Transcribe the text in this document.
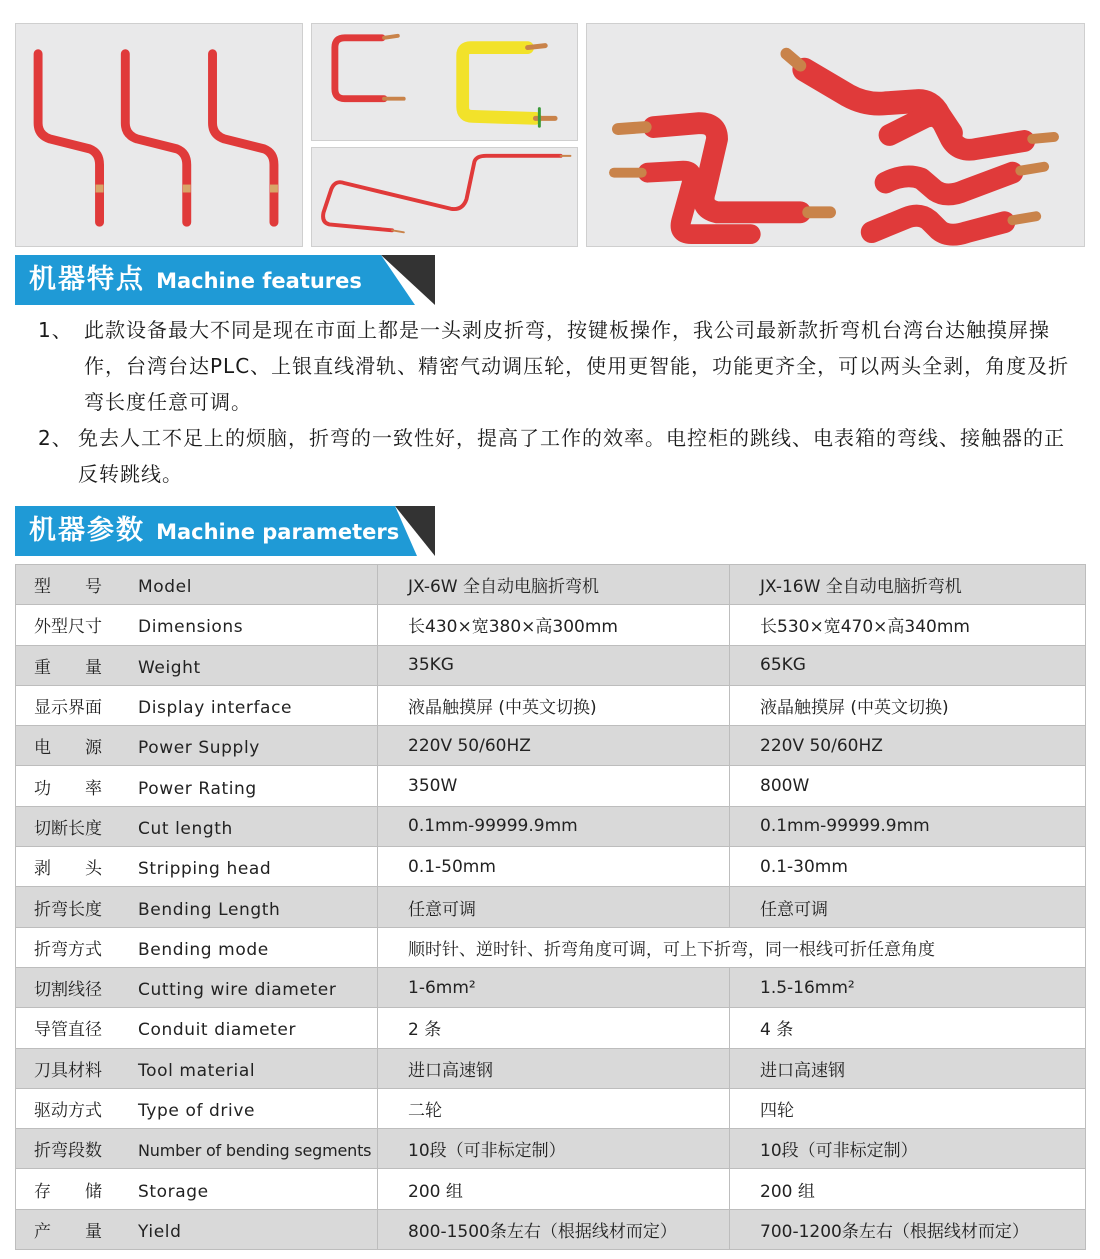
机器特点 Machine features
1、 此款设备最大不同是现在市面上都是一头剥皮折弯，按键板操作，我公司最新款折弯机台湾台达触摸屏操作，台湾台达PLC、上银直线滑轨、精密气动调压轮，使用更智能，功能更齐全，可以两头全剥，角度及折弯长度任意可调。
2、 免去人工不足上的烦脑，折弯的一致性好，提高了工作的效率。电控柜的跳线、电表箱的弯线、接触器的正反转跳线。
机器参数 Machine parameters
型　　号 Model	JX-6W 全自动电脑折弯机	JX-16W 全自动电脑折弯机
外型尺寸 Dimensions	长430×宽380×高300mm	长530×宽470×高340mm
重　　量 Weight	35KG	65KG
显示界面 Display interface	液晶触摸屏 (中英文切换)	液晶触摸屏 (中英文切换)
电　　源 Power Supply	220V 50/60HZ	220V 50/60HZ
功　　率 Power Rating	350W	800W
切断长度 Cut length	0.1mm-99999.9mm	0.1mm-99999.9mm
剥　　头 Stripping head	0.1-50mm	0.1-30mm
折弯长度 Bending Length	任意可调	任意可调
折弯方式 Bending mode	顺时针、逆时针、折弯角度可调，可上下折弯，同一根线可折任意角度	
切割线径 Cutting wire diameter	1-6mm²	1.5-16mm²
导管直径 Conduit diameter	2 条	4 条
刀具材料 Tool material	进口高速钢	进口高速钢
驱动方式 Type of drive	二轮	四轮
折弯段数 Number of bending segments	10段（可非标定制）	10段（可非标定制）
存　　储 Storage	200 组	200 组
产　　量 Yield	800-1500条左右（根据线材而定）	700-1200条左右（根据线材而定）
